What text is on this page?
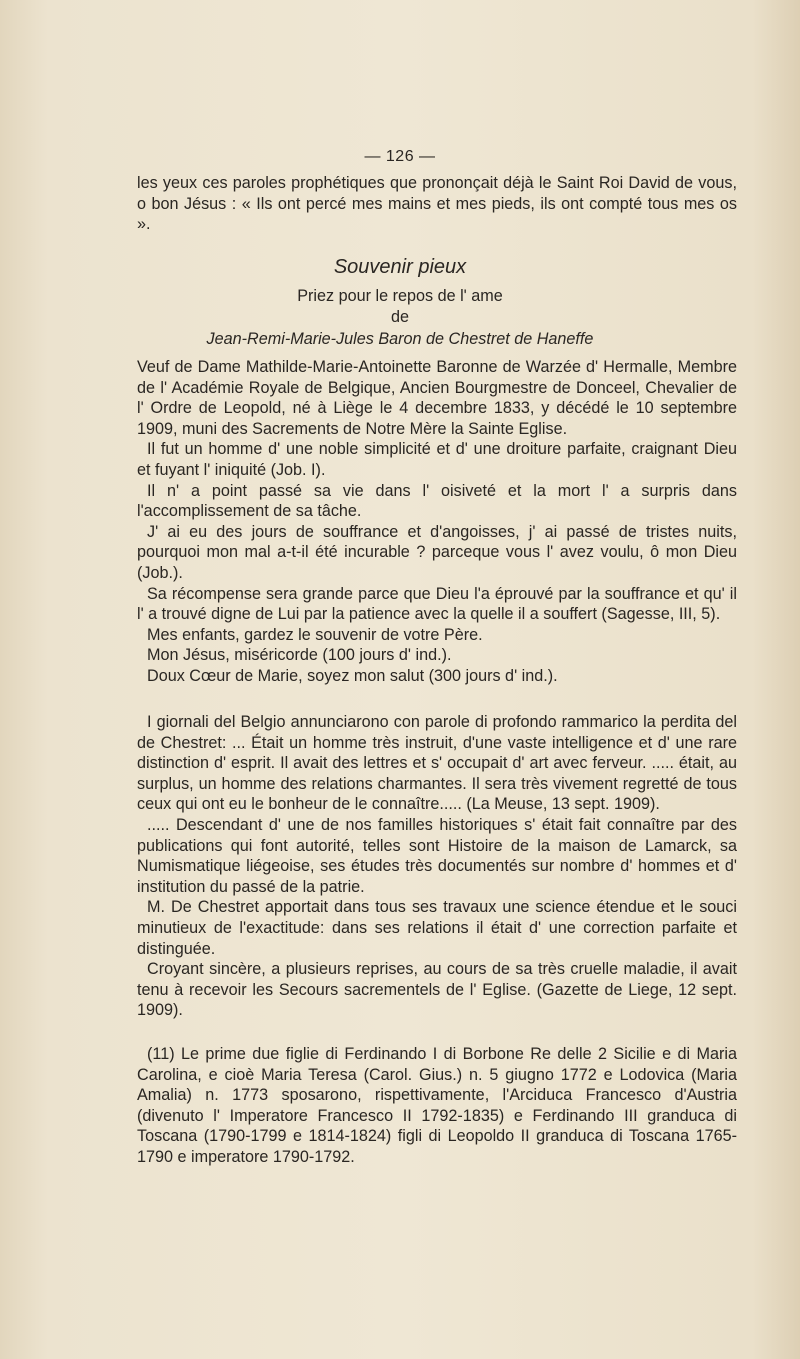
— 126 —

les yeux ces paroles prophétiques que prononçait déjà le Saint Roi David de vous, o bon Jésus : « Ils ont percé mes mains et mes pieds, ils ont compté tous mes os ».

Souvenir pieux
Priez pour le repos de l' ame
de
Jean-Remi-Marie-Jules Baron de Chestret de Haneffe

Veuf de Dame Mathilde-Marie-Antoinette Baronne de Warzée d' Hermalle, Membre de l' Académie Royale de Belgique, Ancien Bourgmestre de Donceel, Chevalier de l' Ordre de Leopold, né à Liège le 4 decembre 1833, y décédé le 10 septembre 1909, muni des Sacrements de Notre Mère la Sainte Eglise.

Il fut un homme d' une noble simplicité et d' une droiture parfaite, craignant Dieu et fuyant l' iniquité (Job. I).

Il n' a point passé sa vie dans l' oisiveté et la mort l' a surpris dans l'accomplissement de sa tâche.

J' ai eu des jours de souffrance et d'angoisses, j' ai passé de tristes nuits, pourquoi mon mal a-t-il été incurable ? parceque vous l' avez voulu, ô mon Dieu (Job.).

Sa récompense sera grande parce que Dieu l'a éprouvé par la souffrance et qu' il l' a trouvé digne de Lui par la patience avec la quelle il a souffert (Sagesse, III, 5).

Mes enfants, gardez le souvenir de votre Père.

Mon Jésus, miséricorde (100 jours d' ind.).

Doux Cœur de Marie, soyez mon salut (300 jours d' ind.).

I giornali del Belgio annunciarono con parole di profondo rammarico la perdita del de Chestret: ... Était un homme très instruit, d'une vaste intelligence et d' une rare distinction d' esprit. Il avait des lettres et s' occupait d' art avec ferveur. ..... était, au surplus, un homme des relations charmantes. Il sera très vivement regretté de tous ceux qui ont eu le bonheur de le connaître..... (La Meuse, 13 sept. 1909).

..... Descendant d' une de nos familles historiques s' était fait connaître par des publications qui font autorité, telles sont Histoire de la maison de Lamarck, sa Numismatique liégeoise, ses études très documentés sur nombre d' hommes et d' institution du passé de la patrie.

M. De Chestret apportait dans tous ses travaux une science étendue et le souci minutieux de l'exactitude: dans ses relations il était d' une correction parfaite et distinguée.

Croyant sincère, a plusieurs reprises, au cours de sa très cruelle maladie, il avait tenu à recevoir les Secours sacrementels de l' Eglise. (Gazette de Liege, 12 sept. 1909).

(11) Le prime due figlie di Ferdinando I di Borbone Re delle 2 Sicilie e di Maria Carolina, e cioè Maria Teresa (Carol. Gius.) n. 5 giugno 1772 e Lodovica (Maria Amalia) n. 1773 sposarono, rispettivamente, l'Arciduca Francesco d'Austria (divenuto l' Imperatore Francesco II 1792-1835) e Ferdinando III granduca di Toscana (1790-1799 e 1814-1824) figli di Leopoldo II granduca di Toscana 1765-1790 e imperatore 1790-1792.
